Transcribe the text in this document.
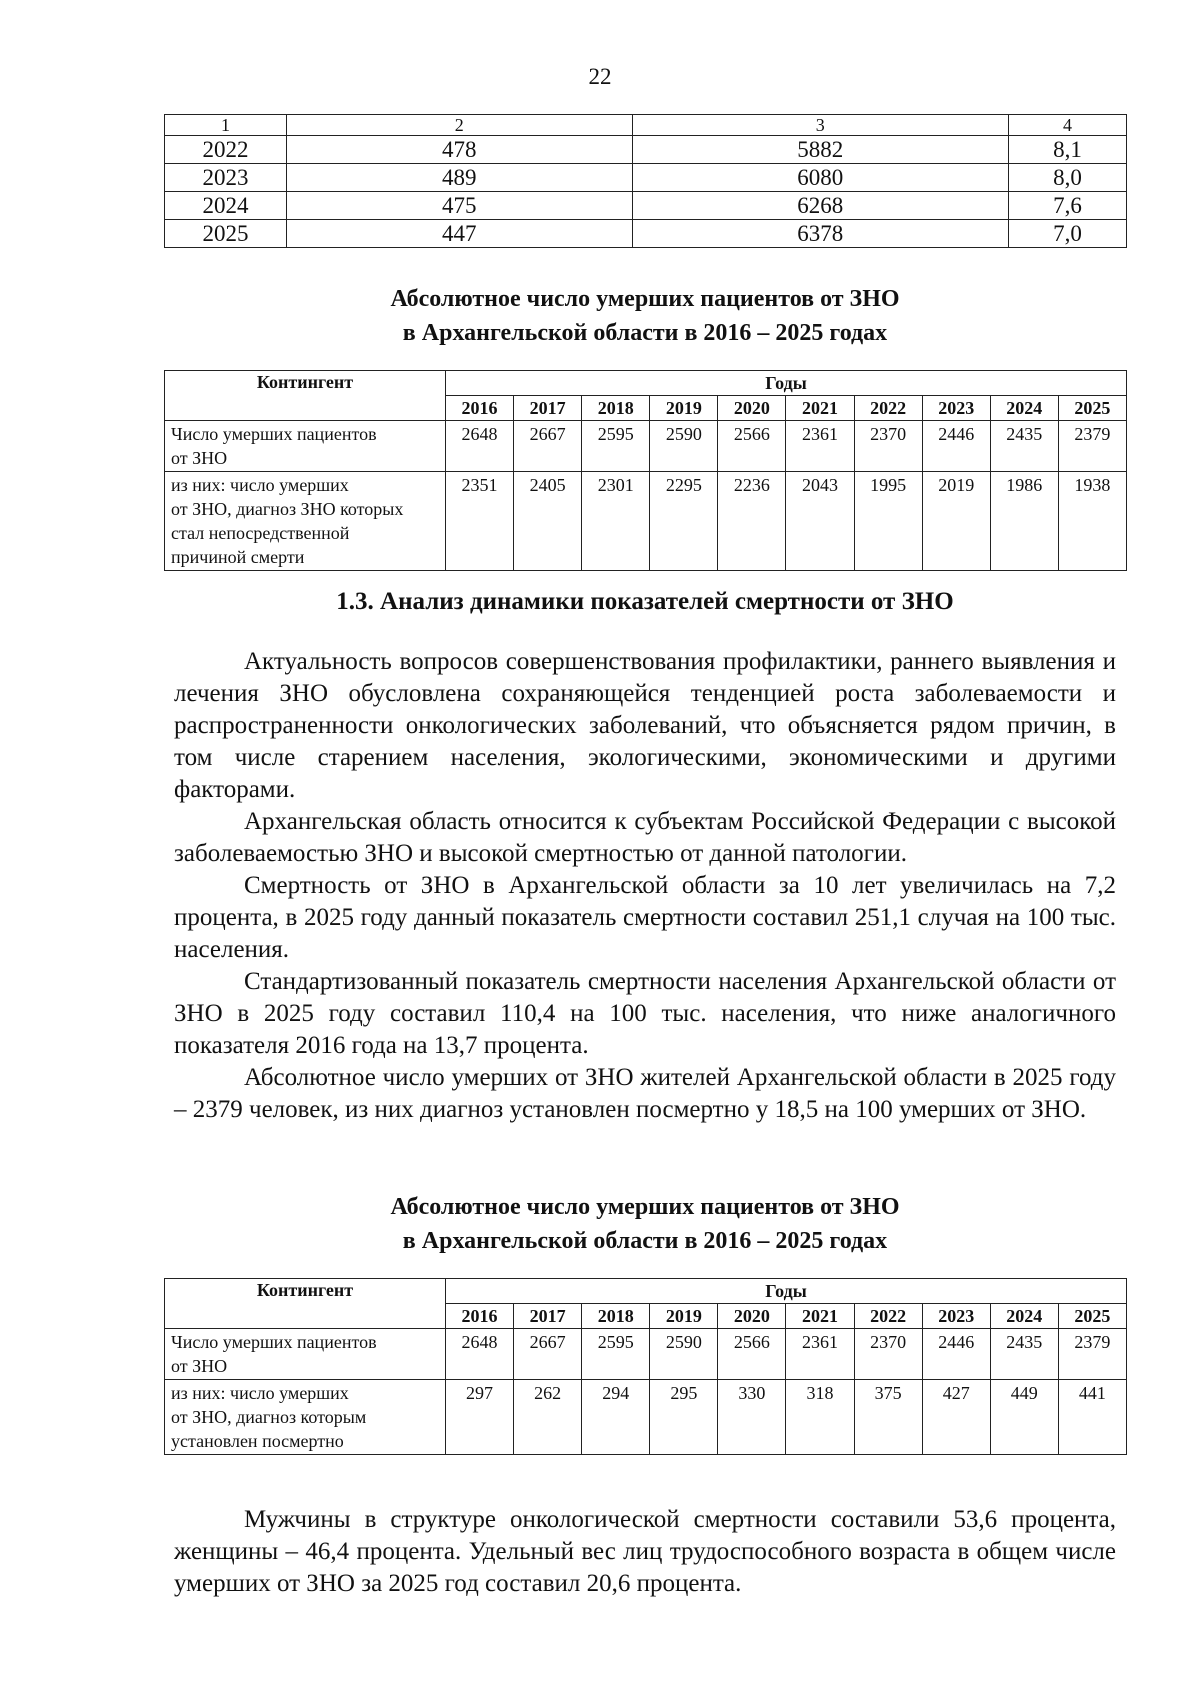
22
1	2	3	4
2022	478	5882	8,1
2023	489	6080	8,0
2024	475	6268	7,6
2025	447	6378	7,0
Абсолютное число умерших пациентов от ЗНО
в Архангельской области в 2016 – 2025 годах
Контингент	Годы									
	2016	2017	2018	2019	2020	2021	2022	2023	2024	2025

Число умерших пациентов
от ЗНО	2648	2667	2595	2590	2566	2361	2370	2446	2435	2379

из них: число умерших
от ЗНО, диагноз ЗНО которых
стал непосредственной
причиной смерти	2351	2405	2301	2295	2236	2043	1995	2019	1986	1938
1.3. Анализ динамики показателей смертности от ЗНО

Актуальность вопросов совершенствования профилактики, раннего выявления и лечения ЗНО обусловлена сохраняющейся тенденцией роста заболеваемости и распространенности онкологических заболеваний, что объясняется рядом причин, в том числе старением населения, экологическими, экономическими и другими факторами.

Архангельская область относится к субъектам Российской Федерации с высокой заболеваемостью ЗНО и высокой смертностью от данной патологии.

Смертность от ЗНО в Архангельской области за 10 лет увеличилась на 7,2 процента, в 2025 году данный показатель смертности составил 251,1 случая на 100 тыс. населения.

Стандартизованный показатель смертности населения Архангельской области от ЗНО в 2025 году составил 110,4 на 100 тыс. населения, что ниже аналогичного показателя 2016 года на 13,7 процента.

Абсолютное число умерших от ЗНО жителей Архангельской области в 2025 году – 2379 человек, из них диагноз установлен посмертно у 18,5 на 100 умерших от ЗНО.

Абсолютное число умерших пациентов от ЗНО
в Архангельской области в 2016 – 2025 годах
Контингент	Годы									
	2016	2017	2018	2019	2020	2021	2022	2023	2024	2025

Число умерших пациентов
от ЗНО	2648	2667	2595	2590	2566	2361	2370	2446	2435	2379

из них: число умерших
от ЗНО, диагноз которым
установлен посмертно	297	262	294	295	330	318	375	427	449	441

Мужчины в структуре онкологической смертности составили 53,6 процента, женщины – 46,4 процента. Удельный вес лиц трудоспособного возраста в общем числе умерших от ЗНО за 2025 год составил 20,6 процента.
